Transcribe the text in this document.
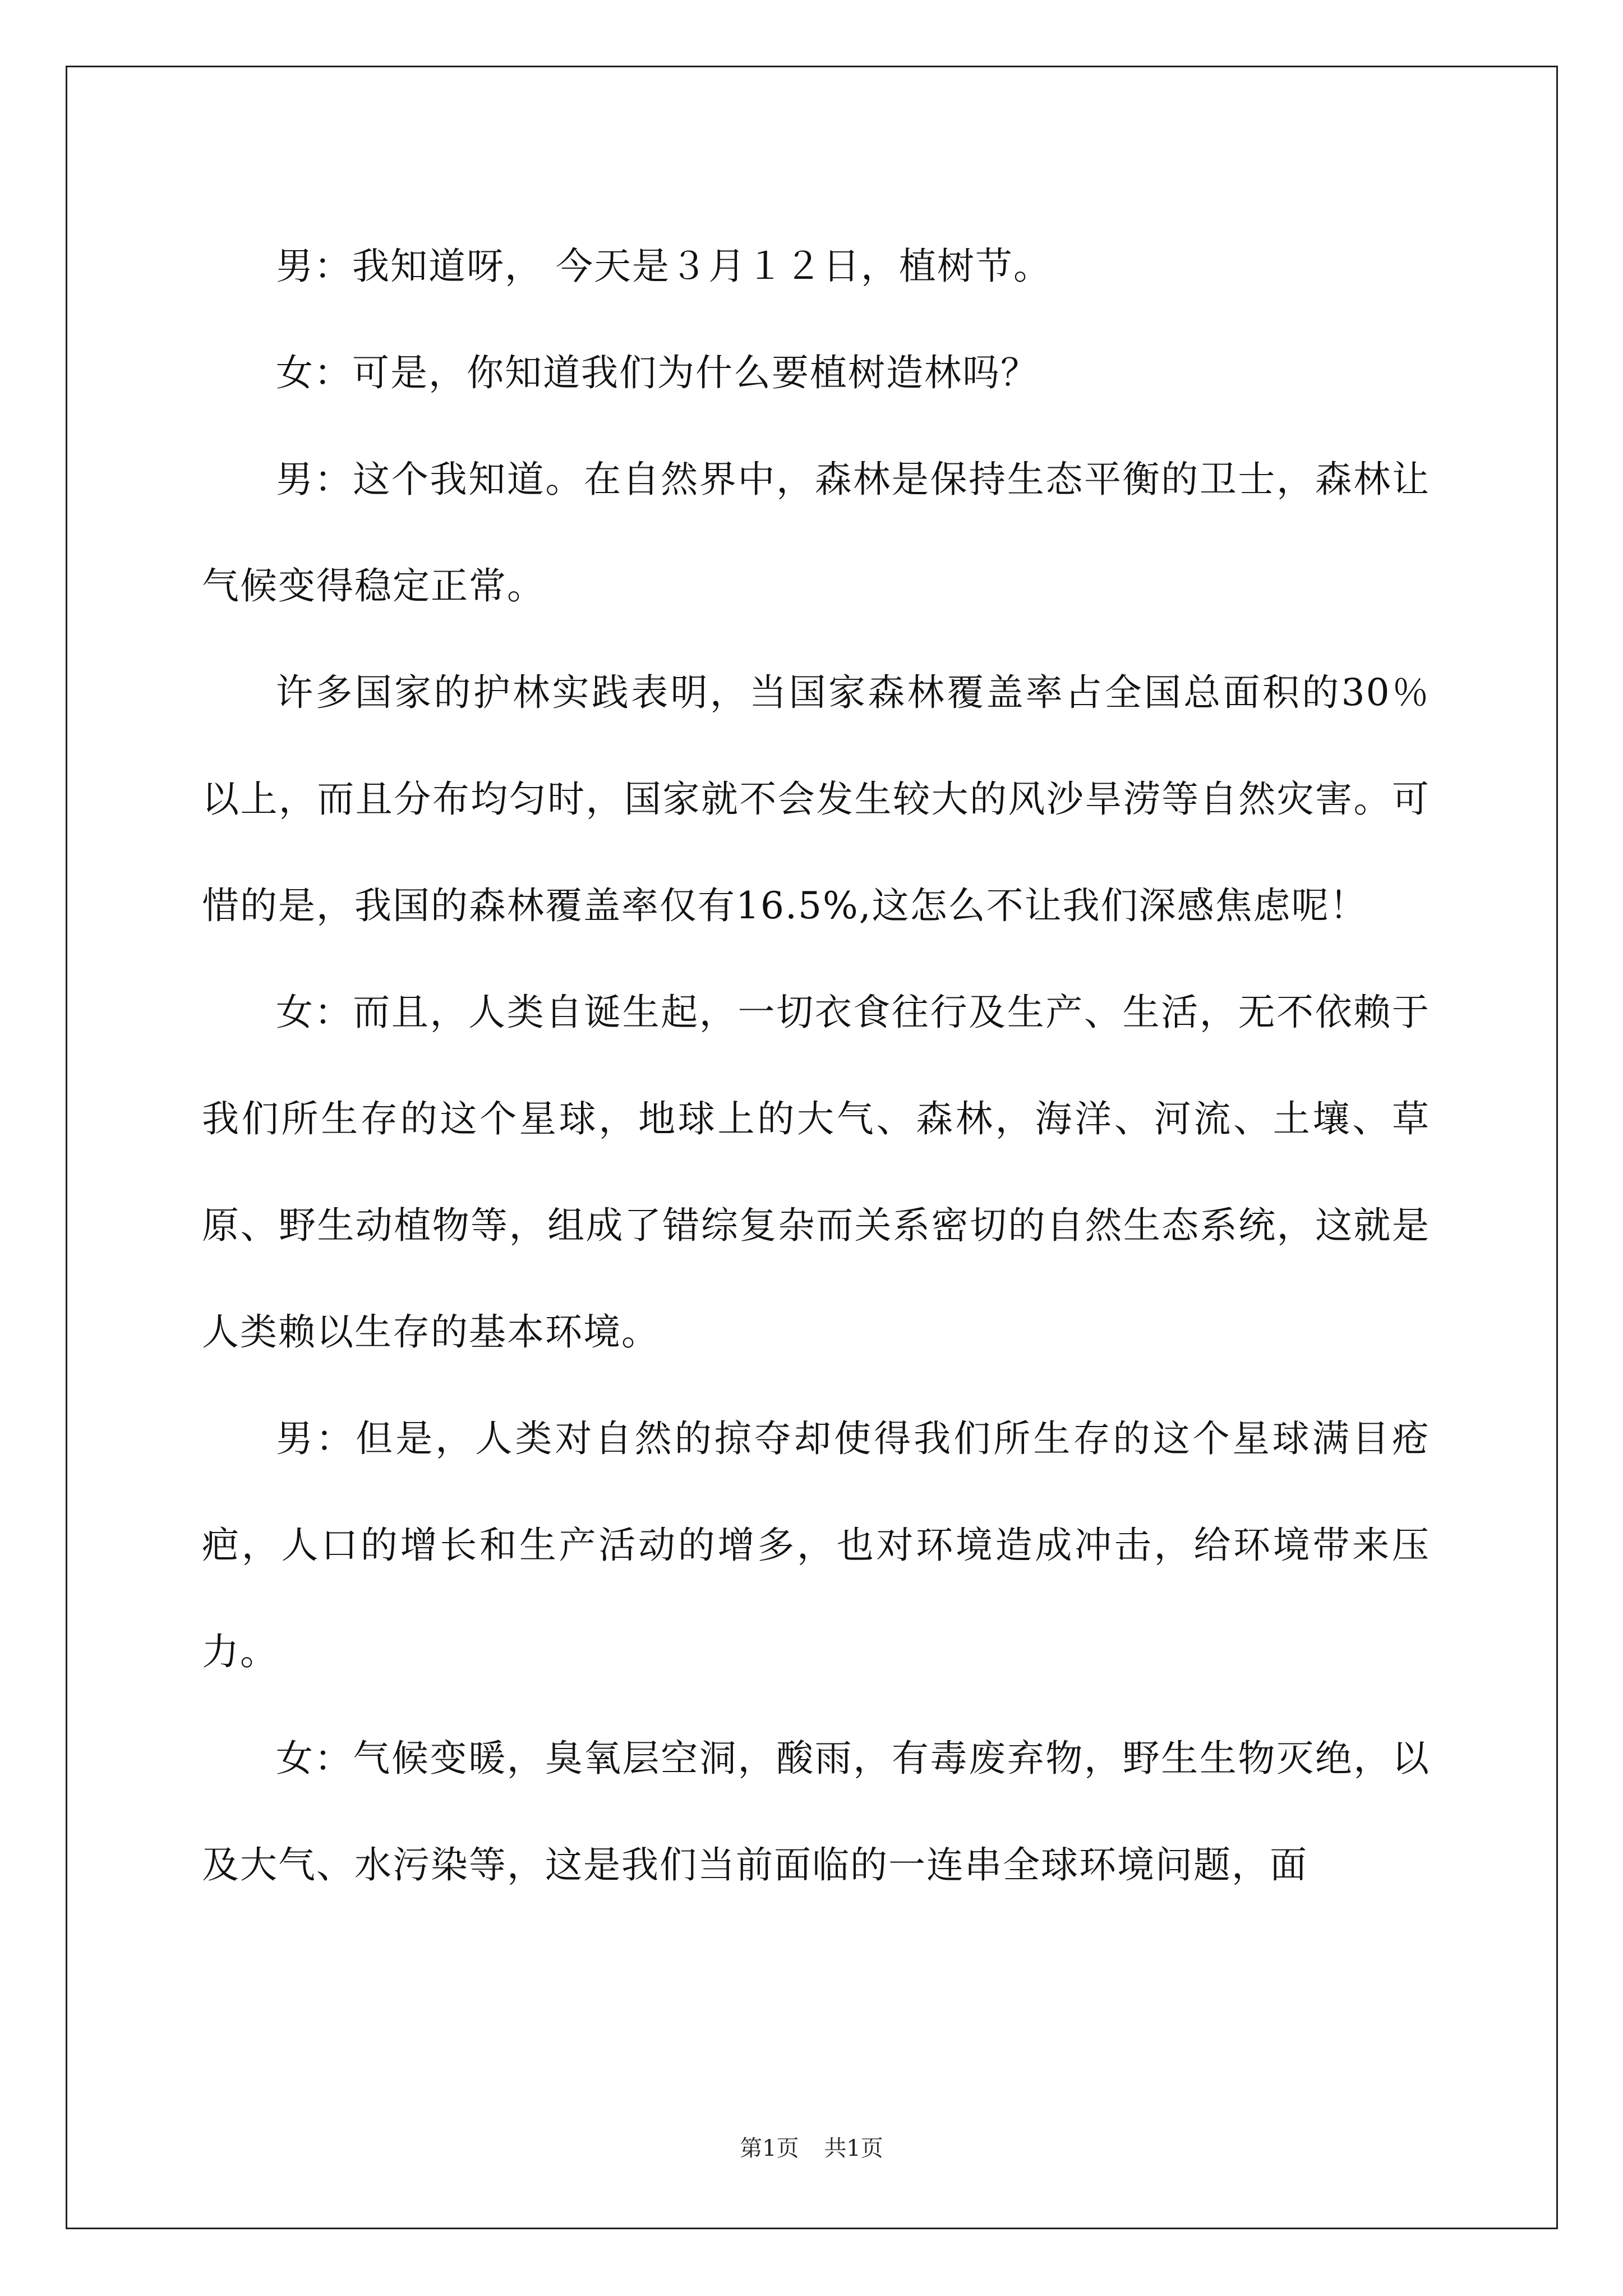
男：我知道呀， 今天是３月１２日，植树节。

女：可是，你知道我们为什么要植树造林吗？

男：这个我知道。在自然界中，森林是保持生态平衡的卫士，森林让气候变得稳定正常。

许多国家的护林实践表明，当国家森林覆盖率占全国总面积的30％以上，而且分布均匀时，国家就不会发生较大的风沙旱涝等自然灾害。可惜的是，我国的森林覆盖率仅有16.5%,这怎么不让我们深感焦虑呢！

女：而且，人类自诞生起，一切衣食往行及生产、生活，无不依赖于我们所生存的这个星球，地球上的大气、森林，海洋、河流、土壤、草原、野生动植物等，组成了错综复杂而关系密切的自然生态系统，这就是人类赖以生存的基本环境。

男：但是，人类对自然的掠夺却使得我们所生存的这个星球满目疮疤，人口的增长和生产活动的增多，也对环境造成冲击，给环境带来压力。

女：气候变暖，臭氧层空洞，酸雨，有毒废弃物，野生生物灭绝，以及大气、水污染等，这是我们当前面临的一连串全球环境问题，面

第1页 共1页
